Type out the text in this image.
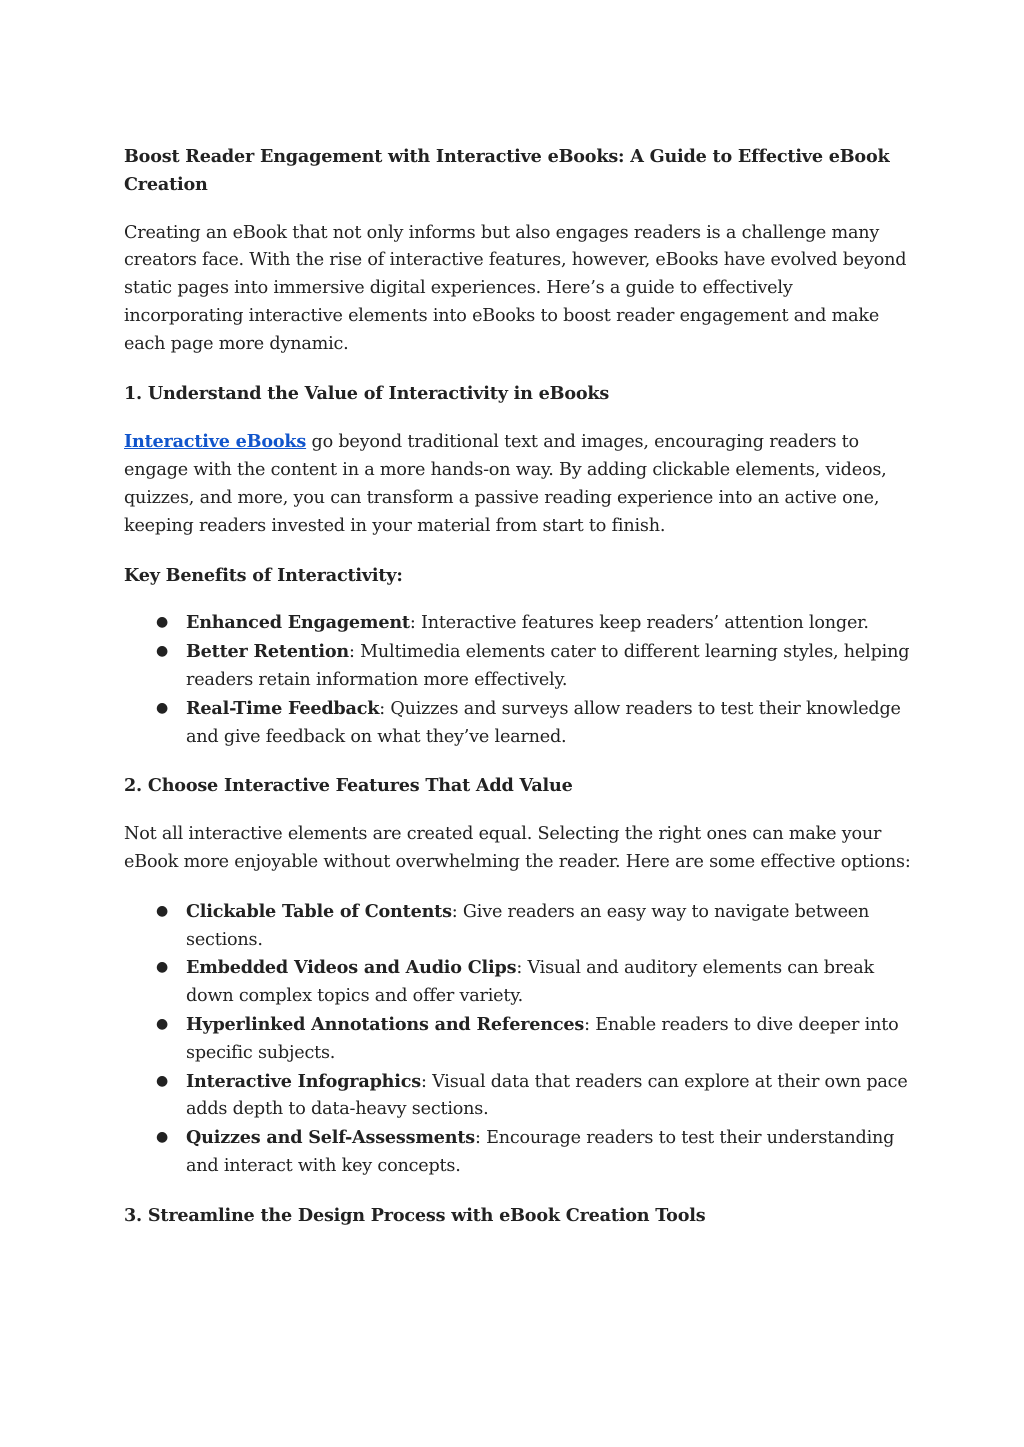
Boost Reader Engagement with Interactive eBooks: A Guide to Effective eBook Creation

Creating an eBook that not only informs but also engages readers is a challenge many creators face. With the rise of interactive features, however, eBooks have evolved beyond static pages into immersive digital experiences. Here’s a guide to effectively incorporating interactive elements into eBooks to boost reader engagement and make each page more dynamic.

1. Understand the Value of Interactivity in eBooks

Interactive eBooks go beyond traditional text and images, encouraging readers to engage with the content in a more hands-on way. By adding clickable elements, videos, quizzes, and more, you can transform a passive reading experience into an active one, keeping readers invested in your material from start to finish.

Key Benefits of Interactivity:
● Enhanced Engagement: Interactive features keep readers’ attention longer.
● Better Retention: Multimedia elements cater to different learning styles, helping readers retain information more effectively.
● Real-Time Feedback: Quizzes and surveys allow readers to test their knowledge and give feedback on what they’ve learned.
2. Choose Interactive Features That Add Value

Not all interactive elements are created equal. Selecting the right ones can make your eBook more enjoyable without overwhelming the reader. Here are some effective options:

● Clickable Table of Contents: Give readers an easy way to navigate between sections.
● Embedded Videos and Audio Clips: Visual and auditory elements can break down complex topics and offer variety.
● Hyperlinked Annotations and References: Enable readers to dive deeper into specific subjects.
● Interactive Infographics: Visual data that readers can explore at their own pace adds depth to data-heavy sections.
● Quizzes and Self-Assessments: Encourage readers to test their understanding and interact with key concepts.
3. Streamline the Design Process with eBook Creation Tools
